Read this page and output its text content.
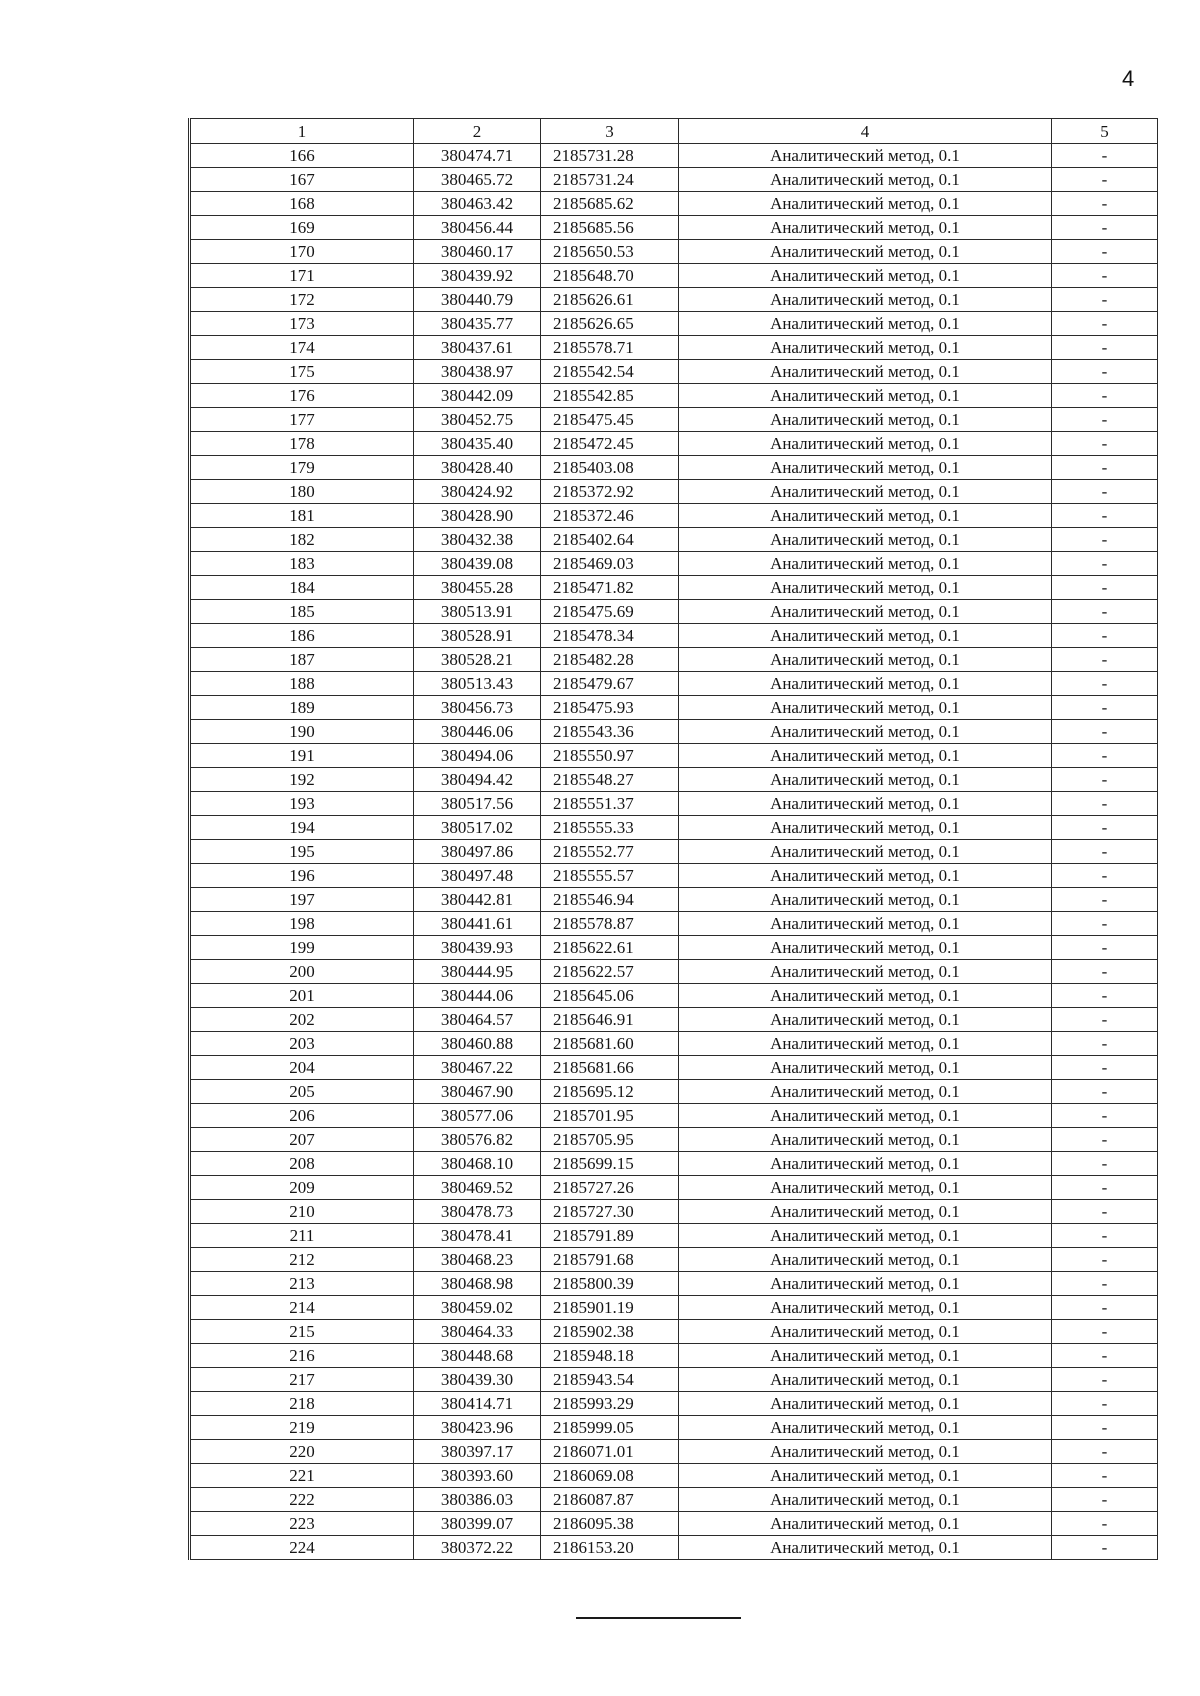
4
1	2	3	4	5
166	380474.71	2185731.28	Аналитический метод, 0.1	-
167	380465.72	2185731.24	Аналитический метод, 0.1	-
168	380463.42	2185685.62	Аналитический метод, 0.1	-
169	380456.44	2185685.56	Аналитический метод, 0.1	-
170	380460.17	2185650.53	Аналитический метод, 0.1	-
171	380439.92	2185648.70	Аналитический метод, 0.1	-
172	380440.79	2185626.61	Аналитический метод, 0.1	-
173	380435.77	2185626.65	Аналитический метод, 0.1	-
174	380437.61	2185578.71	Аналитический метод, 0.1	-
175	380438.97	2185542.54	Аналитический метод, 0.1	-
176	380442.09	2185542.85	Аналитический метод, 0.1	-
177	380452.75	2185475.45	Аналитический метод, 0.1	-
178	380435.40	2185472.45	Аналитический метод, 0.1	-
179	380428.40	2185403.08	Аналитический метод, 0.1	-
180	380424.92	2185372.92	Аналитический метод, 0.1	-
181	380428.90	2185372.46	Аналитический метод, 0.1	-
182	380432.38	2185402.64	Аналитический метод, 0.1	-
183	380439.08	2185469.03	Аналитический метод, 0.1	-
184	380455.28	2185471.82	Аналитический метод, 0.1	-
185	380513.91	2185475.69	Аналитический метод, 0.1	-
186	380528.91	2185478.34	Аналитический метод, 0.1	-
187	380528.21	2185482.28	Аналитический метод, 0.1	-
188	380513.43	2185479.67	Аналитический метод, 0.1	-
189	380456.73	2185475.93	Аналитический метод, 0.1	-
190	380446.06	2185543.36	Аналитический метод, 0.1	-
191	380494.06	2185550.97	Аналитический метод, 0.1	-
192	380494.42	2185548.27	Аналитический метод, 0.1	-
193	380517.56	2185551.37	Аналитический метод, 0.1	-
194	380517.02	2185555.33	Аналитический метод, 0.1	-
195	380497.86	2185552.77	Аналитический метод, 0.1	-
196	380497.48	2185555.57	Аналитический метод, 0.1	-
197	380442.81	2185546.94	Аналитический метод, 0.1	-
198	380441.61	2185578.87	Аналитический метод, 0.1	-
199	380439.93	2185622.61	Аналитический метод, 0.1	-
200	380444.95	2185622.57	Аналитический метод, 0.1	-
201	380444.06	2185645.06	Аналитический метод, 0.1	-
202	380464.57	2185646.91	Аналитический метод, 0.1	-
203	380460.88	2185681.60	Аналитический метод, 0.1	-
204	380467.22	2185681.66	Аналитический метод, 0.1	-
205	380467.90	2185695.12	Аналитический метод, 0.1	-
206	380577.06	2185701.95	Аналитический метод, 0.1	-
207	380576.82	2185705.95	Аналитический метод, 0.1	-
208	380468.10	2185699.15	Аналитический метод, 0.1	-
209	380469.52	2185727.26	Аналитический метод, 0.1	-
210	380478.73	2185727.30	Аналитический метод, 0.1	-
211	380478.41	2185791.89	Аналитический метод, 0.1	-
212	380468.23	2185791.68	Аналитический метод, 0.1	-
213	380468.98	2185800.39	Аналитический метод, 0.1	-
214	380459.02	2185901.19	Аналитический метод, 0.1	-
215	380464.33	2185902.38	Аналитический метод, 0.1	-
216	380448.68	2185948.18	Аналитический метод, 0.1	-
217	380439.30	2185943.54	Аналитический метод, 0.1	-
218	380414.71	2185993.29	Аналитический метод, 0.1	-
219	380423.96	2185999.05	Аналитический метод, 0.1	-
220	380397.17	2186071.01	Аналитический метод, 0.1	-
221	380393.60	2186069.08	Аналитический метод, 0.1	-
222	380386.03	2186087.87	Аналитический метод, 0.1	-
223	380399.07	2186095.38	Аналитический метод, 0.1	-
224	380372.22	2186153.20	Аналитический метод, 0.1	-
